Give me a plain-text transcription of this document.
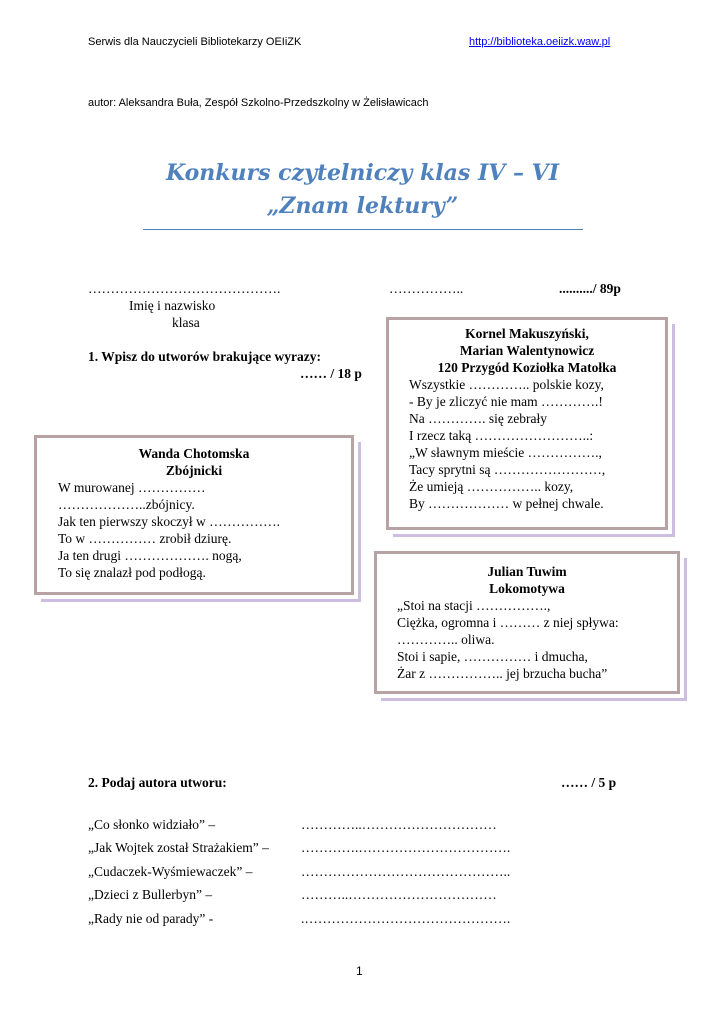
Serwis dla Nauczycieli Bibliotekarzy OEIiZK	http://biblioteka.oeiizk.waw.pl
autor: Aleksandra Buła, Zespół Szkolno-Przedszkolny w Żelisławicach
Konkurs czytelniczy klas IV – VI
„Znam lektury”
…………………………………….	……………..	........../ 89p
Imię i nazwisko
klasa
1. Wpisz do utworów brakujące wyrazy:
…… / 18 p
Kornel Makuszyński,
Marian Walentynowicz
120 Przygód Koziołka Matołka
Wszystkie ………….. polskie kozy,
- By je zliczyć nie mam ………….!
Na …………. się zebrały
I rzecz taką ……………………..:
„W sławnym mieście …………….,
Tacy sprytni są ……………………,
Że umieją …………….. kozy,
By ……………… w pełnej chwale.
Wanda Chotomska
Zbójnicki
W murowanej ……………
………………..zbójnicy.
Jak ten pierwszy skoczył w …………….
To w …………… zrobił dziurę.
Ja ten drugi ………………. nogą,
To się znalazł pod podłogą.	Julian Tuwim
Lokomotywa
„Stoi na stacji …………….,
Ciężka, ogromna i ……… z niej spływa:
………….. oliwa.
Stoi i sapie, …………… i dmucha,
Żar z …………….. jej brzucha bucha”
2. Podaj autora utworu:	…… / 5 p
„Co słonko widziało” –	…………..…………………………
„Jak Wojtek został Strażakiem” – ………….…………………………….
„Cudaczek-Wyśmiewaczek” –	………………………………………..
„Dzieci z Bullerbyn” –	………..……………………………
„Rady nie od parady” -	.……………………………………….
1
